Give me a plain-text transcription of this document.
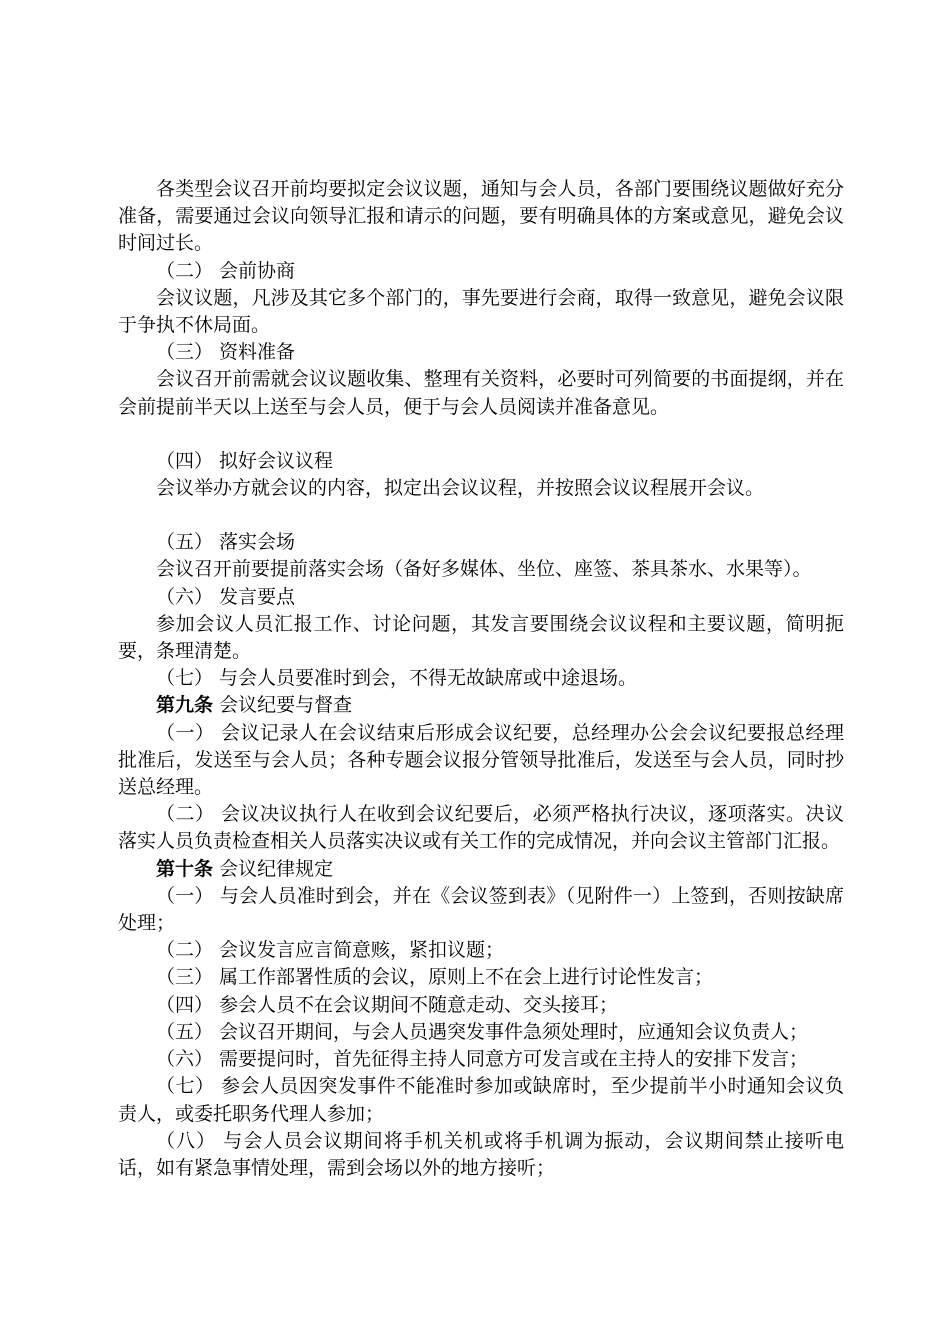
各类型会议召开前均要拟定会议议题，通知与会人员，各部门要围绕议题做好充分准备，需要通过会议向领导汇报和请示的问题，要有明确具体的方案或意见，避免会议时间过长。

（二） 会前协商

会议议题，凡涉及其它多个部门的，事先要进行会商，取得一致意见，避免会议限于争执不休局面。

（三） 资料准备

会议召开前需就会议议题收集、整理有关资料，必要时可列简要的书面提纲，并在会前提前半天以上送至与会人员，便于与会人员阅读并准备意见。

（四） 拟好会议议程

会议举办方就会议的内容，拟定出会议议程，并按照会议议程展开会议。

（五） 落实会场

会议召开前要提前落实会场（备好多媒体、坐位、座签、茶具茶水、水果等）。

（六） 发言要点

参加会议人员汇报工作、讨论问题，其发言要围绕会议议程和主要议题，简明扼要，条理清楚。

（七） 与会人员要准时到会，不得无故缺席或中途退场。

第九条 会议纪要与督查

（一） 会议记录人在会议结束后形成会议纪要，总经理办公会会议纪要报总经理批准后，发送至与会人员；各种专题会议报分管领导批准后，发送至与会人员，同时抄送总经理。

（二） 会议决议执行人在收到会议纪要后，必须严格执行决议，逐项落实。决议落实人员负责检查相关人员落实决议或有关工作的完成情况，并向会议主管部门汇报。

第十条 会议纪律规定

（一） 与会人员准时到会，并在《会议签到表》（见附件一）上签到，否则按缺席处理；

（二） 会议发言应言简意赅，紧扣议题；

（三） 属工作部署性质的会议，原则上不在会上进行讨论性发言；

（四） 参会人员不在会议期间不随意走动、交头接耳；

（五） 会议召开期间，与会人员遇突发事件急须处理时，应通知会议负责人；

（六） 需要提问时，首先征得主持人同意方可发言或在主持人的安排下发言；

（七） 参会人员因突发事件不能准时参加或缺席时，至少提前半小时通知会议负责人，或委托职务代理人参加；

（八） 与会人员会议期间将手机关机或将手机调为振动，会议期间禁止接听电话，如有紧急事情处理，需到会场以外的地方接听；
